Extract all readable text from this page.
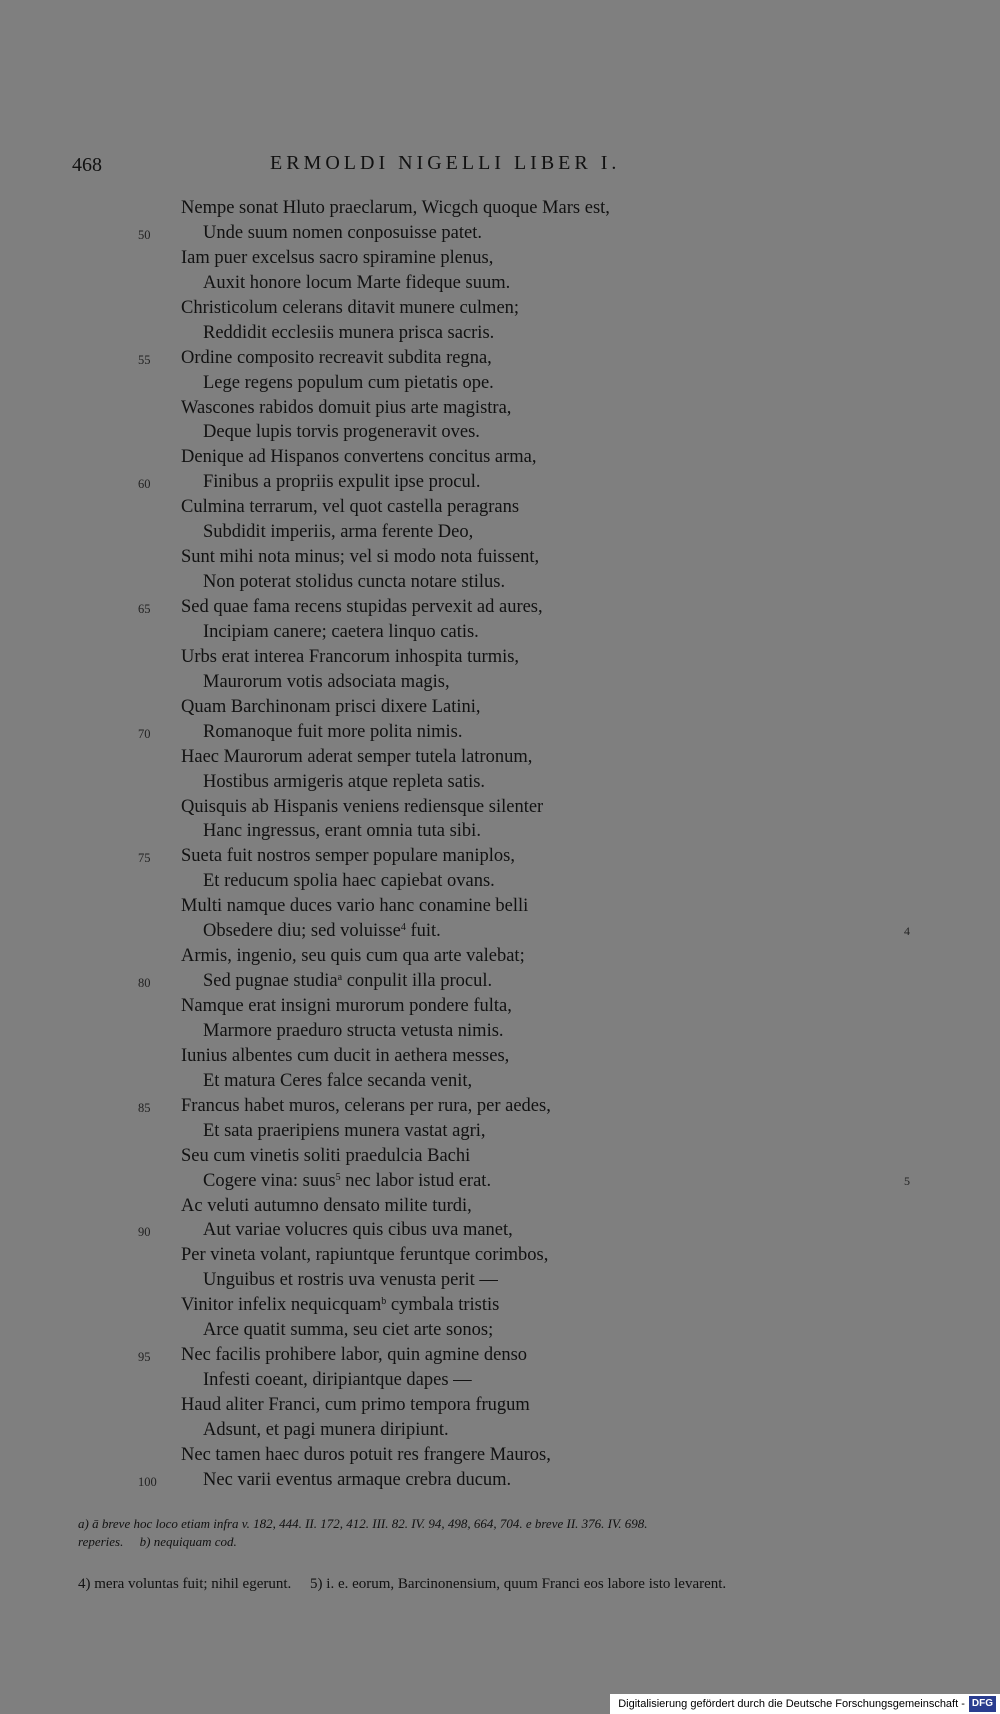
468	ERMOLDI NIGELLI LIBER I.
Nempe sonat Hluto praeclarum, Wicgch quoque Mars est,
50	Unde suum nomen conposuisse patet.
Iam puer excelsus sacro spiramine plenus,
Auxit honore locum Marte fideque suum.
Christicolum celerans ditavit munere culmen;
Reddidit ecclesiis munera prisca sacris.
55	Ordine composito recreavit subdita regna,
Lege regens populum cum pietatis ope.
Wascones rabidos domuit pius arte magistra,
Deque lupis torvis progeneravit oves.
Denique ad Hispanos convertens concitus arma,
60	Finibus a propriis expulit ipse procul.
Culmina terrarum, vel quot castella peragrans
Subdidit imperiis, arma ferente Deo,
Sunt mihi nota minus; vel si modo nota fuissent,
Non poterat stolidus cuncta notare stilus.
65	Sed quae fama recens stupidas pervexit ad aures,
Incipiam canere; caetera linquo catis.
Urbs erat interea Francorum inhospita turmis,
Maurorum votis adsociata magis,
Quam Barchinonam prisci dixere Latini,
70	Romanoque fuit more polita nimis.
Haec Maurorum aderat semper tutela latronum,
Hostibus armigeris atque repleta satis.
Quisquis ab Hispanis veniens rediensque silenter
Hanc ingressus, erant omnia tuta sibi.
75	Sueta fuit nostros semper populare maniplos,
Et reducum spolia haec capiebat ovans.
Multi namque duces vario hanc conamine belli
Obsedere diu; sed voluisse$^4$ fuit.	4
Armis, ingenio, seu quis cum qua arte valebat;
80	Sed pugnae studia$^a$ conpulit illa procul.
Namque erat insigni murorum pondere fulta,
Marmore praeduro structa vetusta nimis.
Iunius albentes cum ducit in aethera messes,
Et matura Ceres falce secanda venit,
85	Francus habet muros, celerans per rura, per aedes,
Et sata praeripiens munera vastat agri,
Seu cum vinetis soliti praedulcia Bachi
Cogere vina: suus$^5$ nec labor istud erat.	5
Ac veluti autumno densato milite turdi,
90	Aut variae volucres quis cibus uva manet,
Per vineta volant, rapiuntque feruntque corimbos,
Unguibus et rostris uva venusta perit —
Vinitor infelix nequicquam$^b$ cymbala tristis
Arce quatit summa, seu ciet arte sonos;
95	Nec facilis prohibere labor, quin agmine denso
Infesti coeant, diripiantque dapes —
Haud aliter Franci, cum primo tempora frugum
Adsunt, et pagi munera diripiunt.
Nec tamen haec duros potuit res frangere Mauros,
100	Nec varii eventus armaque crebra ducum.
a) ā breve hoc loco etiam infra v. 182, 444. II. 172, 412. III. 82. IV. 94, 498, 664, 704. e breve II. 376. IV. 698.
reperies.     b) nequiquam cod.
4) mera voluntas fuit; nihil egerunt.     5) i. e. eorum, Barcinonensium, quum Franci eos labore isto levarent.
Digitalisierung gefördert durch die Deutsche Forschungsgemeinschaft - DFG
